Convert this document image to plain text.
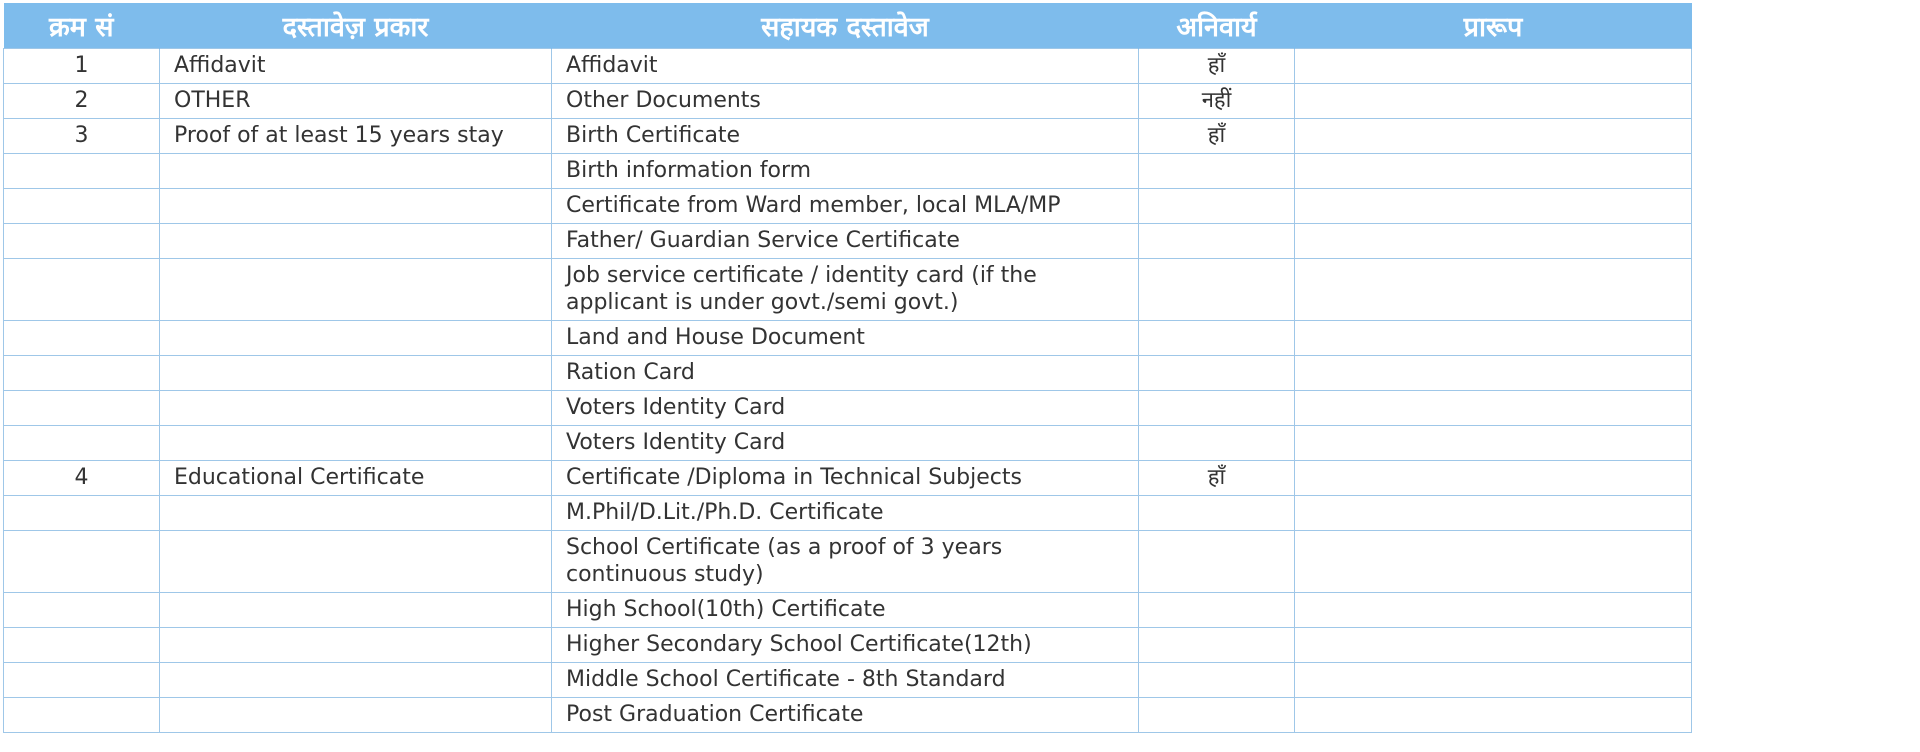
क्रम सं	दस्तावेज़ प्रकार	सहायक दस्तावेज	अनिवार्य	प्रारूप
1	Affidavit	Affidavit	हाँ	
2	OTHER	Other Documents	नहीं	
3	Proof of at least 15 years stay	Birth Certificate	हाँ	
		Birth information form		
		Certificate from Ward member, local MLA/MP		
		Father/ Guardian Service Certificate		
		Job service certificate / identity card (if the applicant is under govt./semi govt.)		
		Land and House Document		
		Ration Card		
		Voters Identity Card		
		Voters Identity Card		
4	Educational Certificate	Certificate /Diploma in Technical Subjects	हाँ	
		M.Phil/D.Lit./Ph.D. Certificate		
		School Certificate (as a proof of 3 years continuous study)		
		High School(10th) Certificate		
		Higher Secondary School Certificate(12th)		
		Middle School Certificate - 8th Standard		
		Post Graduation Certificate		
